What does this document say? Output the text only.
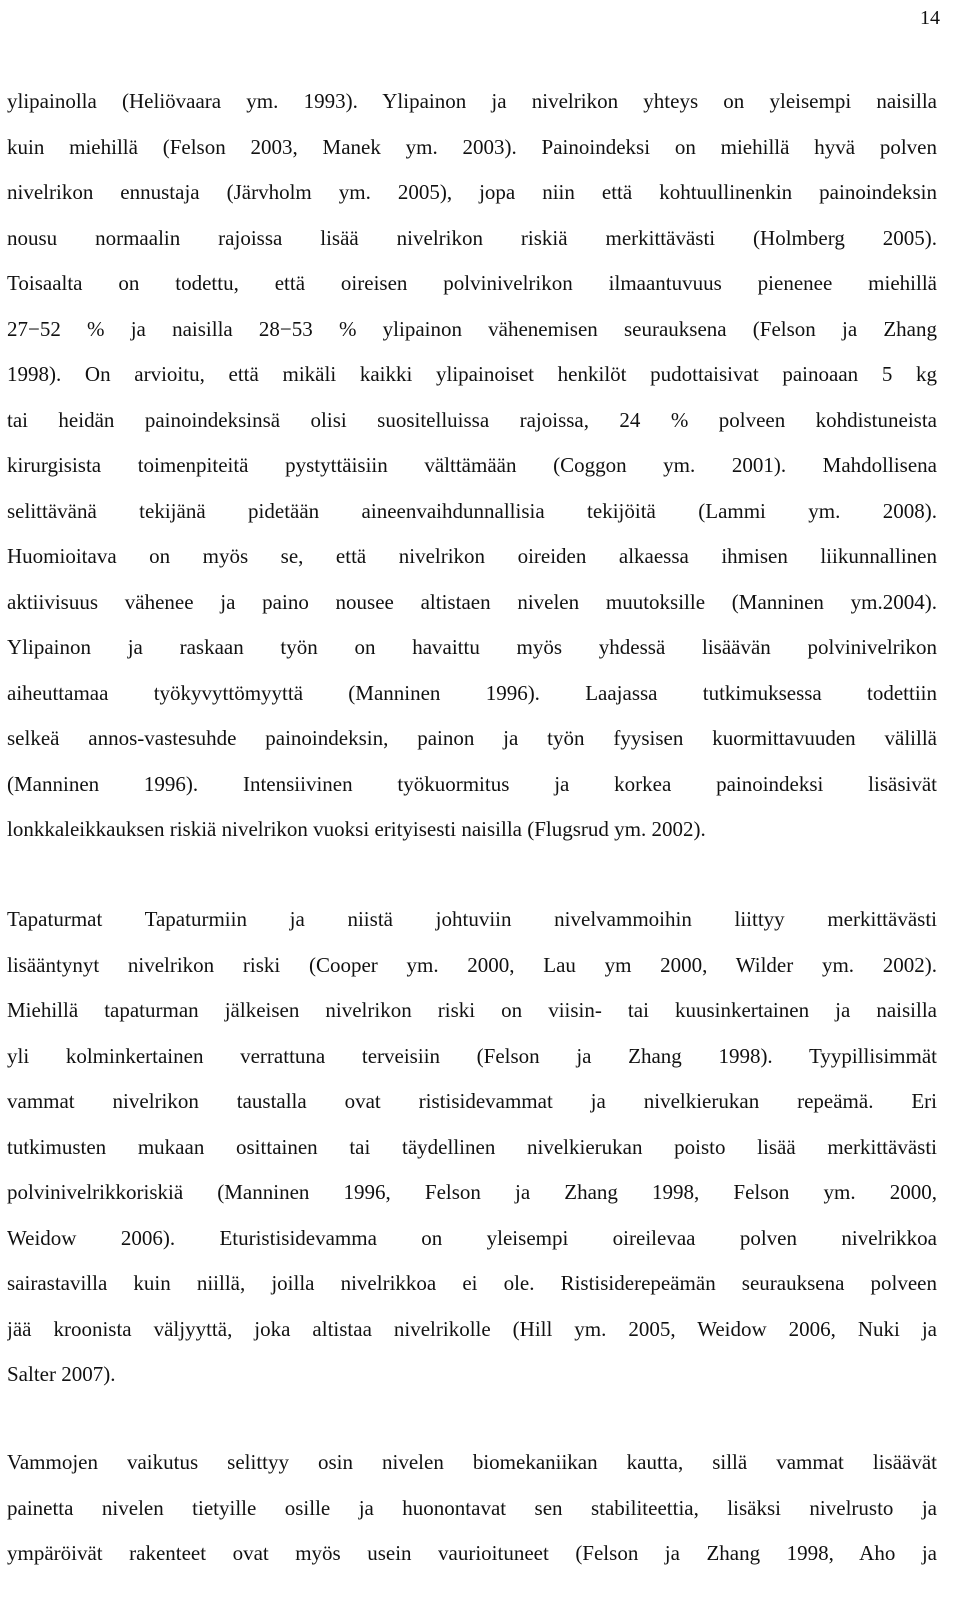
14
ylipainolla (Heliövaara ym. 1993). Ylipainon ja nivelrikon yhteys on yleisempi naisilla
kuin miehillä (Felson 2003, Manek ym. 2003). Painoindeksi on miehillä hyvä polven
nivelrikon ennustaja (Järvholm ym. 2005), jopa niin että kohtuullinenkin painoindeksin
nousu normaalin rajoissa lisää nivelrikon riskiä merkittävästi (Holmberg 2005).
Toisaalta on todettu, että oireisen polvinivelrikon ilmaantuvuus pienenee miehillä
27−52 % ja naisilla 28−53 % ylipainon vähenemisen seurauksena (Felson ja Zhang
1998). On arvioitu, että mikäli kaikki ylipainoiset henkilöt pudottaisivat painoaan 5 kg
tai heidän painoindeksinsä olisi suositelluissa rajoissa, 24 % polveen kohdistuneista
kirurgisista toimenpiteitä pystyttäisiin välttämään (Coggon ym. 2001). Mahdollisena
selittävänä tekijänä pidetään aineenvaihdunnallisia tekijöitä (Lammi ym. 2008).
Huomioitava on myös se, että nivelrikon oireiden alkaessa ihmisen liikunnallinen
aktiivisuus vähenee ja paino nousee altistaen nivelen muutoksille (Manninen ym.2004).
Ylipainon ja raskaan työn on havaittu myös yhdessä lisäävän polvinivelrikon
aiheuttamaa työkyvyttömyyttä (Manninen 1996). Laajassa tutkimuksessa todettiin
selkeä annos-vastesuhde painoindeksin, painon ja työn fyysisen kuormittavuuden välillä
(Manninen 1996). Intensiivinen työkuormitus ja korkea painoindeksi lisäsivät
lonkkaleikkauksen riskiä nivelrikon vuoksi erityisesti naisilla (Flugsrud ym. 2002).
Tapaturmat Tapaturmiin ja niistä johtuviin nivelvammoihin liittyy merkittävästi
lisääntynyt nivelrikon riski (Cooper ym. 2000, Lau ym 2000, Wilder ym. 2002).
Miehillä tapaturman jälkeisen nivelrikon riski on viisin- tai kuusinkertainen ja naisilla
yli kolminkertainen verrattuna terveisiin (Felson ja Zhang 1998). Tyypillisimmät
vammat nivelrikon taustalla ovat ristisidevammat ja nivelkierukan repeämä. Eri
tutkimusten mukaan osittainen tai täydellinen nivelkierukan poisto lisää merkittävästi
polvinivelrikkoriskiä (Manninen 1996, Felson ja Zhang 1998, Felson ym. 2000,
Weidow 2006). Eturistisidevamma on yleisempi oireilevaa polven nivelrikkoa
sairastavilla kuin niillä, joilla nivelrikkoa ei ole. Ristisiderepeämän seurauksena polveen
jää kroonista väljyyttä, joka altistaa nivelrikolle (Hill ym. 2005, Weidow 2006, Nuki ja
Salter 2007).
Vammojen vaikutus selittyy osin nivelen biomekaniikan kautta, sillä vammat lisäävät
painetta nivelen tietyille osille ja huonontavat sen stabiliteettia, lisäksi nivelrusto ja
ympäröivät rakenteet ovat myös usein vaurioituneet (Felson ja Zhang 1998, Aho ja
